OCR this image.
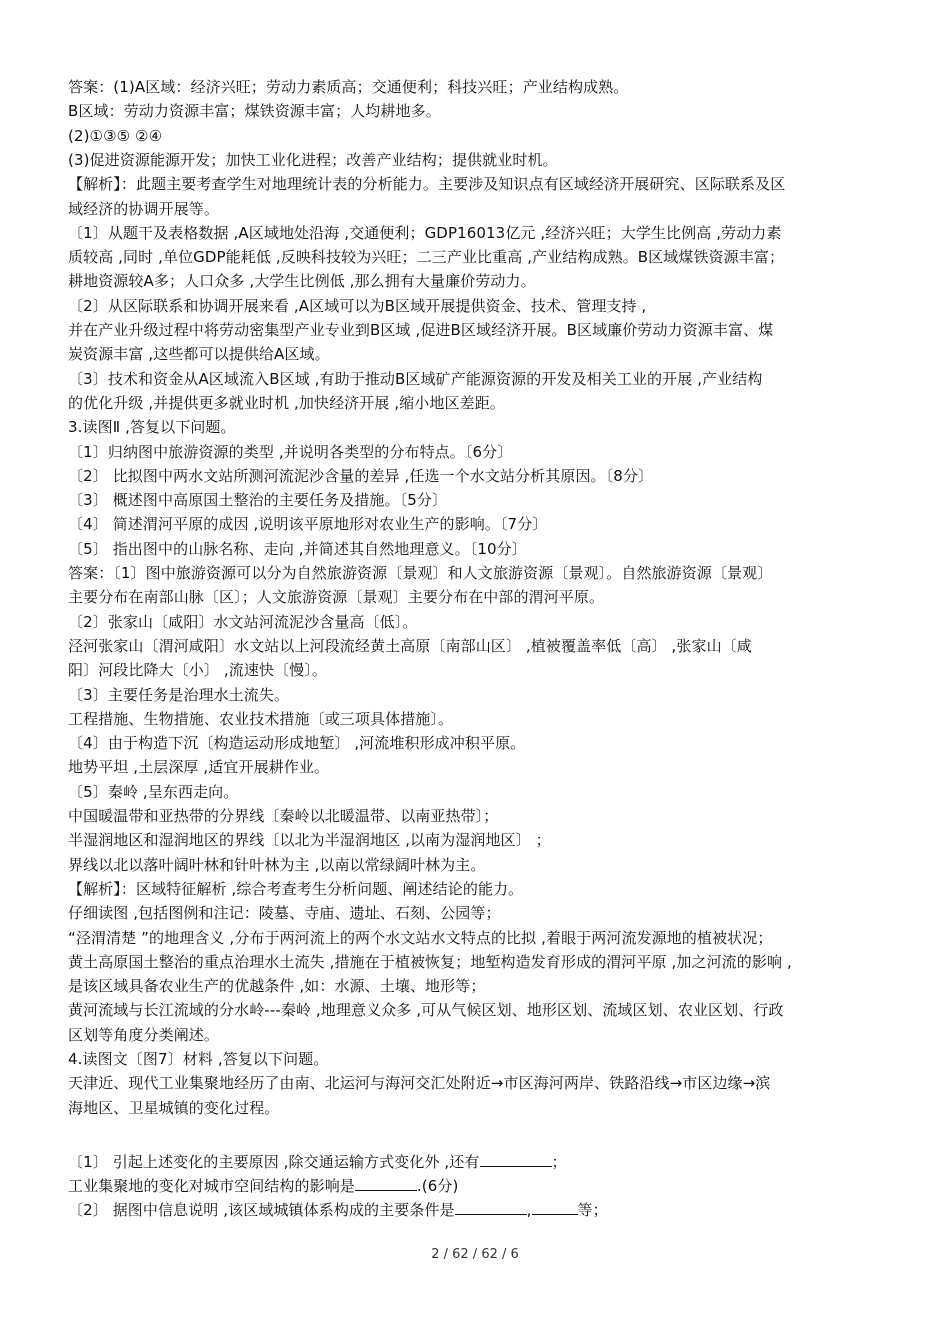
答案：(1)A区域：经济兴旺；劳动力素质高；交通便利；科技兴旺；产业结构成熟。
B区域：劳动力资源丰富；煤铁资源丰富；人均耕地多。
(2)①③⑤ ②④
(3)促进资源能源开发；加快工业化进程；改善产业结构；提供就业时机。
【解析】：此题主要考查学生对地理统计表的分析能力。主要涉及知识点有区域经济开展研究、区际联系及区
域经济的协调开展等。
〔1〕从题干及表格数据 ,A区域地处沿海 ,交通便利；GDP16013亿元 ,经济兴旺；大学生比例高 ,劳动力素
质较高 ,同时 ,单位GDP能耗低 ,反映科技较为兴旺；二三产业比重高 ,产业结构成熟。B区域煤铁资源丰富；
耕地资源较A多；人口众多 ,大学生比例低 ,那么拥有大量廉价劳动力。
〔2〕从区际联系和协调开展来看 ,A区域可以为B区域开展提供资金、技术、管理支持 ,
并在产业升级过程中将劳动密集型产业专业到B区域 ,促进B区域经济开展。B区域廉价劳动力资源丰富、煤
炭资源丰富 ,这些都可以提供给A区域。
〔3〕技术和资金从A区域流入B区域 ,有助于推动B区域矿产能源资源的开发及相关工业的开展 ,产业结构
的优化升级 ,并提供更多就业时机 ,加快经济开展 ,缩小地区差距。
3.读图Ⅱ ,答复以下问题。
〔1〕归纳图中旅游资源的类型 ,并说明各类型的分布特点。〔6分〕
〔2〕 比拟图中两水文站所测河流泥沙含量的差异 ,任选一个水文站分析其原因。〔8分〕
〔3〕 概述图中高原国土整治的主要任务及措施。〔5分〕
〔4〕 简述渭河平原的成因 ,说明该平原地形对农业生产的影响。〔7分〕
〔5〕 指出图中的山脉名称、走向 ,并简述其自然地理意义。〔10分〕
答案：〔1〕图中旅游资源可以分为自然旅游资源〔景观〕和人文旅游资源〔景观〕。自然旅游资源〔景观〕
主要分布在南部山脉〔区〕；人文旅游资源〔景观〕主要分布在中部的渭河平原。
〔2〕张家山〔咸阳〕水文站河流泥沙含量高〔低〕。
泾河张家山〔渭河咸阳〕水文站以上河段流经黄土高原〔南部山区〕 ,植被覆盖率低〔高〕 ,张家山〔咸
阳〕河段比降大〔小〕 ,流速快〔慢〕。
〔3〕主要任务是治理水土流失。
工程措施、生物措施、农业技术措施〔或三项具体措施〕。
〔4〕由于构造下沉〔构造运动形成地堑〕 ,河流堆积形成冲积平原。
地势平坦 ,土层深厚 ,适宜开展耕作业。
〔5〕秦岭 ,呈东西走向。
中国暖温带和亚热带的分界线〔秦岭以北暖温带、以南亚热带〕；
半湿润地区和湿润地区的界线〔以北为半湿润地区 ,以南为湿润地区〕 ；
界线以北以落叶阔叶林和针叶林为主 ,以南以常绿阔叶林为主。
【解析】：区域特征解析 ,综合考查考生分析问题、阐述结论的能力。
仔细读图 ,包括图例和注记：陵墓、寺庙、遗址、石刻、公园等；
“泾渭清楚 ”的地理含义 ,分布于两河流上的两个水文站水文特点的比拟 ,着眼于两河流发源地的植被状况；
黄土高原国土整治的重点治理水土流失 ,措施在于植被恢复；地堑构造发育形成的渭河平原 ,加之河流的影响 ,
是该区域具备农业生产的优越条件 ,如：水源、土壤、地形等；
黄河流域与长江流域的分水岭---秦岭 ,地理意义众多 ,可从气候区划、地形区划、流域区划、农业区划、行政
区划等角度分类阐述。
4.读图文〔图7〕材料 ,答复以下问题。
天津近、现代工业集聚地经历了由南、北运河与海河交汇处附近→市区海河两岸、铁路沿线→市区边缘→滨
海地区、卫星城镇的变化过程。
〔1〕 引起上述变化的主要原因 ,除交通运输方式变化外 ,还有	；
工业集聚地的变化对城市空间结构的影响是	.(6分)
〔2〕 据图中信息说明 ,该区域城镇体系构成的主要条件是	,	等；
2 / 62 / 62 / 6
